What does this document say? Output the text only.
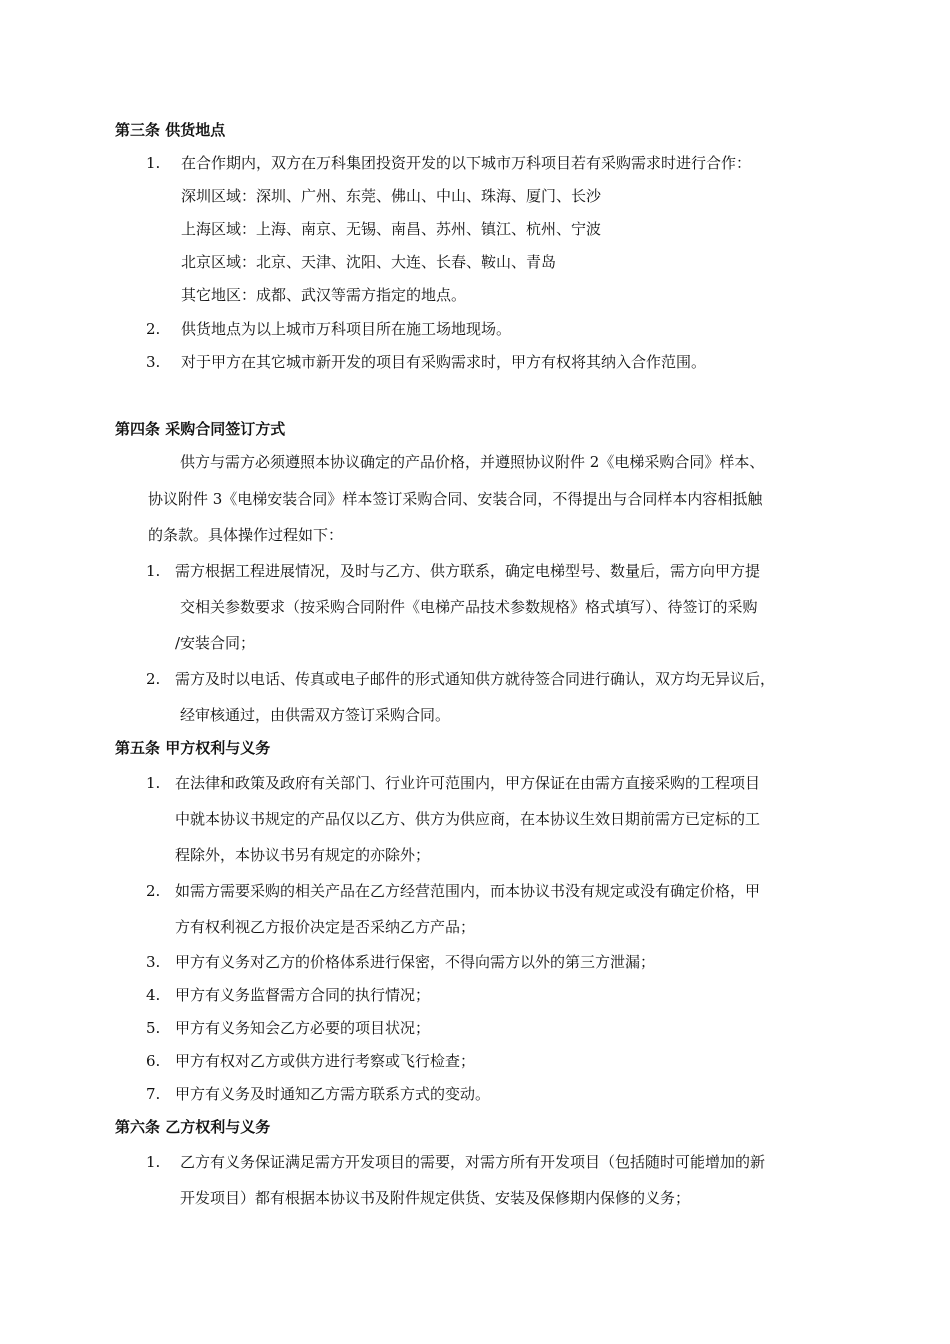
第三条 供货地点
1. 在合作期内，双方在万科集团投资开发的以下城市万科项目若有采购需求时进行合作：
深圳区域：深圳、广州、东莞、佛山、中山、珠海、厦门、长沙
上海区域：上海、南京、无锡、南昌、苏州、镇江、杭州、宁波
北京区域：北京、天津、沈阳、大连、长春、鞍山、青岛
其它地区：成都、武汉等需方指定的地点。
2. 供货地点为以上城市万科项目所在施工场地现场。
3. 对于甲方在其它城市新开发的项目有采购需求时，甲方有权将其纳入合作范围。
第四条 采购合同签订方式
供方与需方必须遵照本协议确定的产品价格，并遵照协议附件 2《电梯采购合同》样本、
协议附件 3《电梯安装合同》样本签订采购合同、安装合同，不得提出与合同样本内容相抵触
的条款。具体操作过程如下：
1. 需方根据工程进展情况，及时与乙方、供方联系，确定电梯型号、数量后，需方向甲方提
交相关参数要求（按采购合同附件《电梯产品技术参数规格》格式填写）、待签订的采购
/安装合同；
2. 需方及时以电话、传真或电子邮件的形式通知供方就待签合同进行确认，双方均无异议后，
经审核通过，由供需双方签订采购合同。
第五条 甲方权利与义务
1. 在法律和政策及政府有关部门、行业许可范围内，甲方保证在由需方直接采购的工程项目
中就本协议书规定的产品仅以乙方、供方为供应商，在本协议生效日期前需方已定标的工
程除外，本协议书另有规定的亦除外；
2. 如需方需要采购的相关产品在乙方经营范围内，而本协议书没有规定或没有确定价格，甲
方有权利视乙方报价决定是否采纳乙方产品；
3. 甲方有义务对乙方的价格体系进行保密，不得向需方以外的第三方泄漏；
4. 甲方有义务监督需方合同的执行情况；
5. 甲方有义务知会乙方必要的项目状况；
6. 甲方有权对乙方或供方进行考察或飞行检查；
7. 甲方有义务及时通知乙方需方联系方式的变动。
第六条 乙方权利与义务
1. 乙方有义务保证满足需方开发项目的需要，对需方所有开发项目（包括随时可能增加的新
开发项目）都有根据本协议书及附件规定供货、安装及保修期内保修的义务；
